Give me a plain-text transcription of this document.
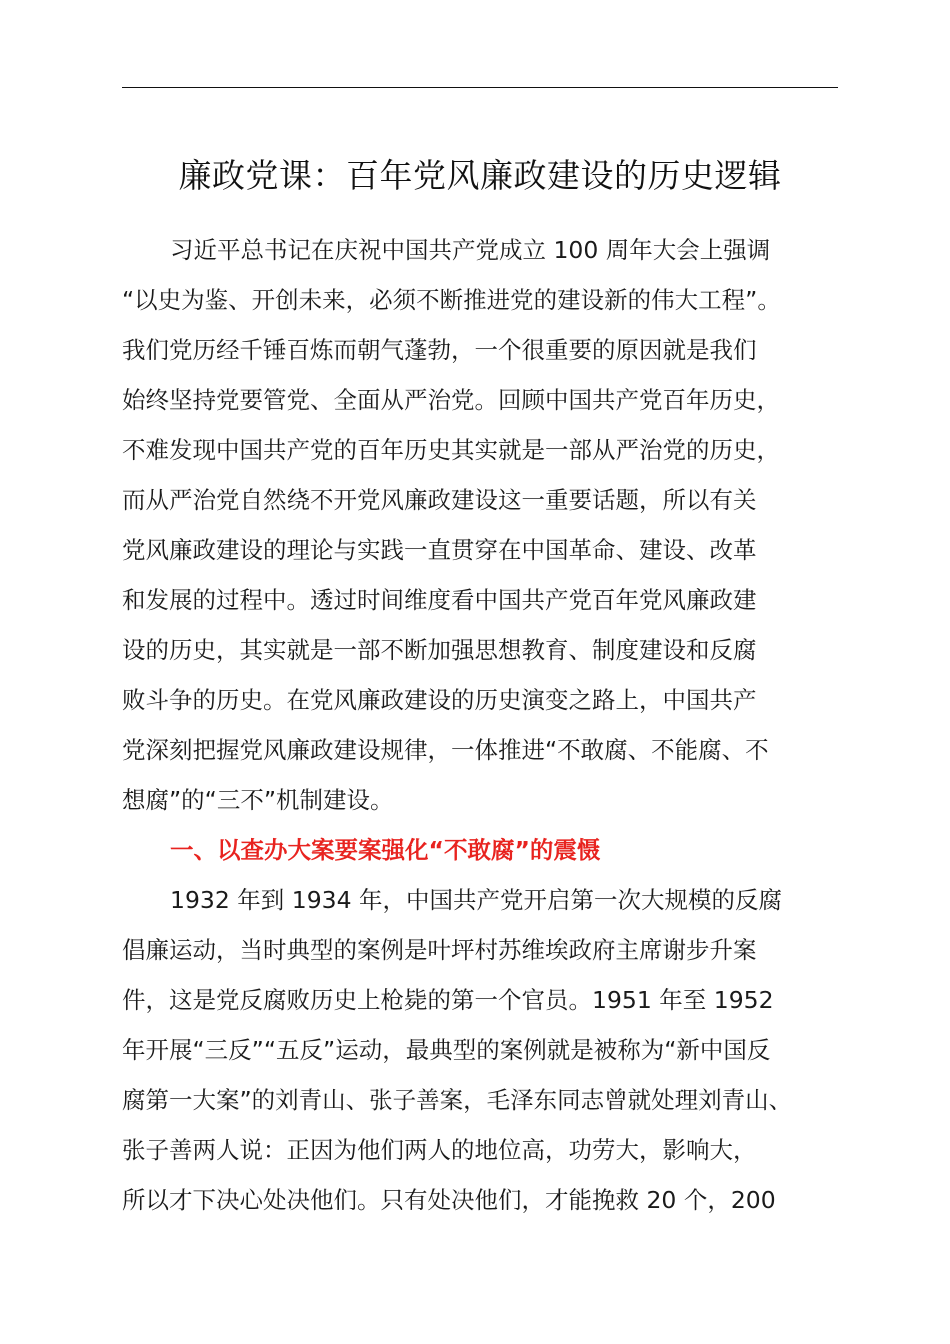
廉政党课：百年党风廉政建设的历史逻辑

习近平总书记在庆祝中国共产党成立 100 周年大会上强调
“以史为鉴、开创未来，必须不断推进党的建设新的伟大工程”。
我们党历经千锤百炼而朝气蓬勃，一个很重要的原因就是我们
始终坚持党要管党、全面从严治党。回顾中国共产党百年历史，
不难发现中国共产党的百年历史其实就是一部从严治党的历史，
而从严治党自然绕不开党风廉政建设这一重要话题，所以有关
党风廉政建设的理论与实践一直贯穿在中国革命、建设、改革
和发展的过程中。透过时间维度看中国共产党百年党风廉政建
设的历史，其实就是一部不断加强思想教育、制度建设和反腐
败斗争的历史。在党风廉政建设的历史演变之路上，中国共产
党深刻把握党风廉政建设规律，一体推进“不敢腐、不能腐、不
想腐”的“三不”机制建设。

一、以查办大案要案强化“不敢腐”的震慑

1932 年到 1934 年，中国共产党开启第一次大规模的反腐
倡廉运动，当时典型的案例是叶坪村苏维埃政府主席谢步升案
件，这是党反腐败历史上枪毙的第一个官员。1951 年至 1952
年开展“三反”“五反”运动，最典型的案例就是被称为“新中国反
腐第一大案”的刘青山、张子善案，毛泽东同志曾就处理刘青山、
张子善两人说：正因为他们两人的地位高，功劳大，影响大，
所以才下决心处决他们。只有处决他们，才能挽救 20 个，200
